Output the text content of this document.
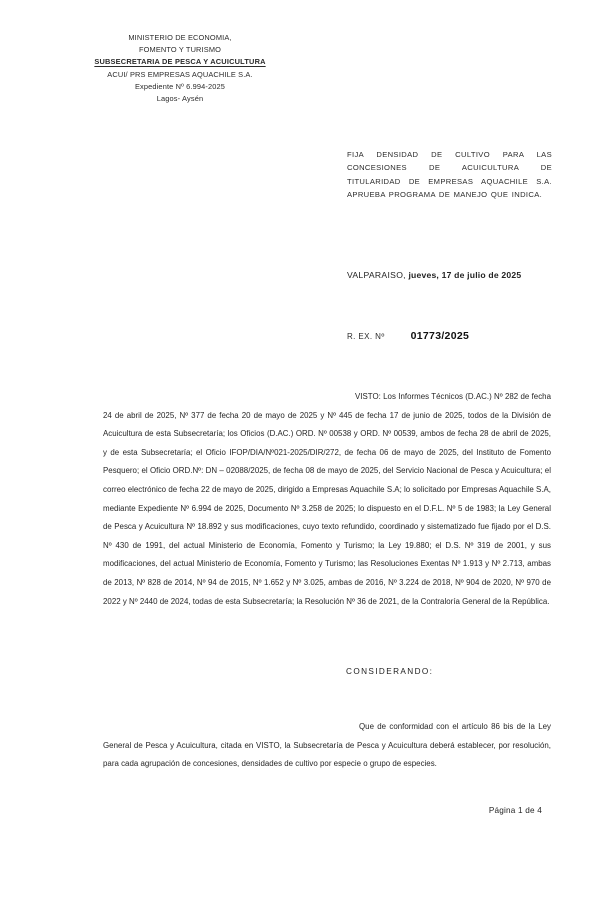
MINISTERIO DE ECONOMIA,
FOMENTO Y TURISMO
SUBSECRETARIA DE PESCA Y ACUICULTURA
ACUI/ PRS EMPRESAS AQUACHILE S.A.
Expediente Nº 6.994-2025
Lagos- Aysén
FIJA DENSIDAD DE CULTIVO PARA LAS CONCESIONES DE ACUICULTURA DE TITULARIDAD DE EMPRESAS AQUACHILE S.A. APRUEBA PROGRAMA DE MANEJO QUE INDICA.
VALPARAISO, jueves, 17 de julio de 2025
R. EX. Nº 01773/2025

VISTO: Los Informes Técnicos (D.AC.) Nº 282 de fecha 24 de abril de 2025, Nº 377 de fecha 20 de mayo de 2025 y Nº 445 de fecha 17 de junio de 2025, todos de la División de Acuicultura de esta Subsecretaría; los Oficios (D.AC.) ORD. Nº 00538 y ORD. Nº 00539, ambos de fecha 28 de abril de 2025, y de esta Subsecretaría; el Oficio IFOP/DIA/Nº021-2025/DIR/272, de fecha 06 de mayo de 2025, del Instituto de Fomento Pesquero; el Oficio ORD.Nº: DN ‒ 02088/2025, de fecha 08 de mayo de 2025, del Servicio Nacional de Pesca y Acuicultura; el correo electrónico de fecha 22 de mayo de 2025, dirigido a Empresas Aquachile S.A; lo solicitado por Empresas Aquachile S.A, mediante Expediente Nº 6.994 de 2025, Documento Nº 3.258 de 2025; lo dispuesto en el D.F.L. Nº 5 de 1983; la Ley General de Pesca y Acuicultura Nº 18.892 y sus modificaciones, cuyo texto refundido, coordinado y sistematizado fue fijado por el D.S. Nº 430 de 1991, del actual Ministerio de Economía, Fomento y Turismo; la Ley 19.880; el D.S. Nº 319 de 2001, y sus modificaciones, del actual Ministerio de Economía, Fomento y Turismo; las Resoluciones Exentas Nº 1.913 y Nº 2.713, ambas de 2013, Nº 828 de 2014, Nº 94 de 2015, Nº 1.652 y Nº 3.025, ambas de 2016, Nº 3.224 de 2018, Nº 904 de 2020, Nº 970 de 2022 y Nº 2440 de 2024, todas de esta Subsecretaría; la Resolución Nº 36 de 2021, de la Contraloría General de la República.

CONSIDERANDO:

Que de conformidad con el artículo 86 bis de la Ley General de Pesca y Acuicultura, citada en VISTO, la Subsecretaría de Pesca y Acuicultura deberá establecer, por resolución, para cada agrupación de concesiones, densidades de cultivo por especie o grupo de especies.

Página 1 de 4
